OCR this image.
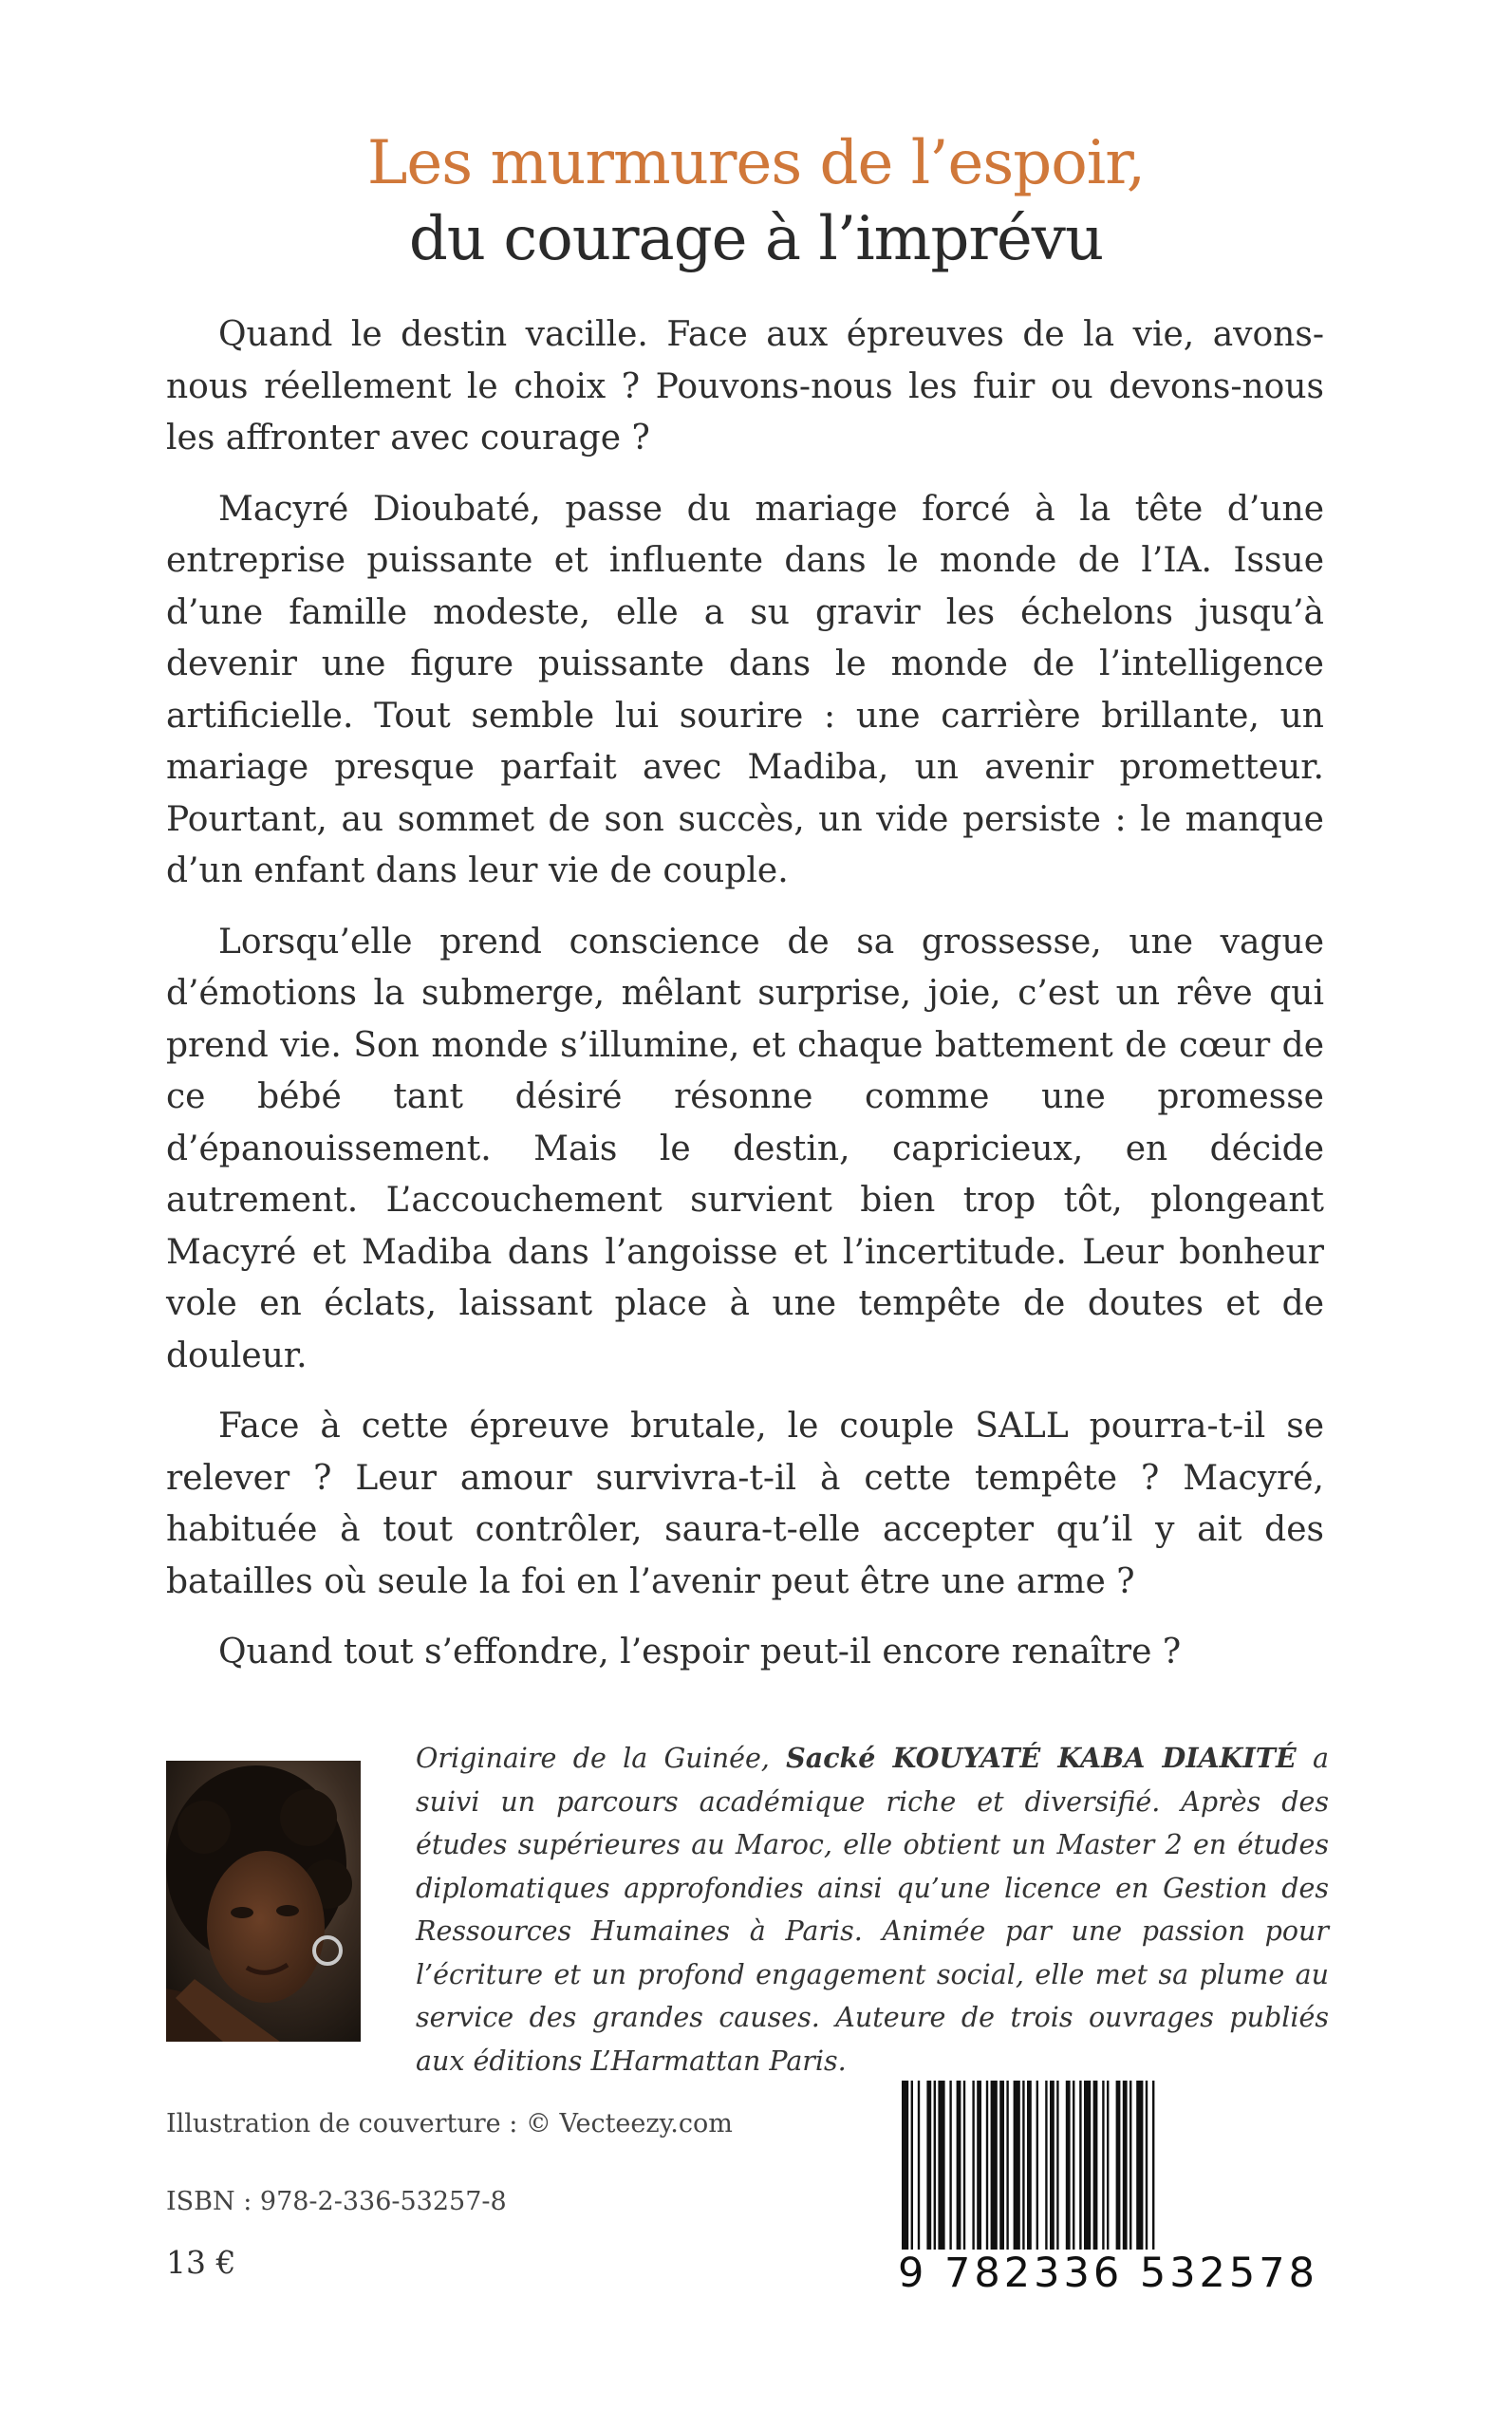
Les murmures de l’espoir,
du courage à l’imprévu

Quand le destin vacille. Face aux épreuves de la vie, avons-nous réellement le choix ? Pouvons-nous les fuir ou devons-nous les affronter avec courage ?

Macyré Dioubaté, passe du mariage forcé à la tête d’une entreprise puissante et influente dans le monde de l’IA. Issue d’une famille modeste, elle a su gravir les échelons jusqu’à devenir une figure puissante dans le monde de l’intelligence artificielle. Tout semble lui sourire : une carrière brillante, un mariage presque parfait avec Madiba, un avenir prometteur. Pourtant, au sommet de son succès, un vide persiste : le manque d’un enfant dans leur vie de couple.

Lorsqu’elle prend conscience de sa grossesse, une vague d’émotions la submerge, mêlant surprise, joie, c’est un rêve qui prend vie. Son monde s’illumine, et chaque battement de cœur de ce bébé tant désiré résonne comme une promesse d’épanouissement. Mais le destin, capricieux, en décide autrement. L’accouchement survient bien trop tôt, plongeant Macyré et Madiba dans l’angoisse et l’incertitude. Leur bonheur vole en éclats, laissant place à une tempête de doutes et de douleur.

Face à cette épreuve brutale, le couple SALL pourra-t-il se relever ? Leur amour survivra-t-il à cette tempête ? Macyré, habituée à tout contrôler, saura-t-elle accepter qu’il y ait des batailles où seule la foi en l’avenir peut être une arme ?

Quand tout s’effondre, l’espoir peut-il encore renaître ?

Originaire de la Guinée, Sacké KOUYATÉ KABA DIAKITÉ a suivi un parcours académique riche et diversifié. Après des études supérieures au Maroc, elle obtient un Master 2 en études diplomatiques approfondies ainsi qu’une licence en Gestion des Ressources Humaines à Paris. Animée par une passion pour l’écriture et un profond engagement social, elle met sa plume au service des grandes causes. Auteure de trois ouvrages publiés aux éditions L’Harmattan Paris.
Illustration de couverture : © Vecteezy.com
ISBN : 978-2-336-53257-8
13 €	9 782336 532578
